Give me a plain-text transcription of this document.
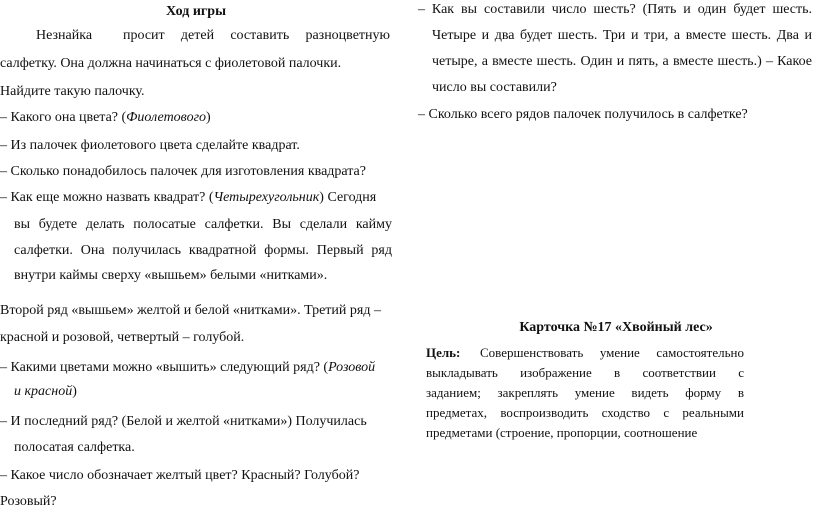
Ход игры
Незнайка просит детей составить разноцветную
салфетку. Она должна начинаться с фиолетовой палочки.
Найдите такую палочку.
– Какого она цвета? (Фиолетового)
– Из палочек фиолетового цвета сделайте квадрат.
– Сколько понадобилось палочек для изготовления квадрата?
– Как еще можно назвать квадрат? (Четырехугольник) Сегодня
вы будете делать полосатые салфетки. Вы сделали кайму
салфетки. Она получилась квадратной формы. Первый ряд
внутри каймы сверху «вышьем» белыми «нитками».
Второй ряд «вышьем» желтой и белой «нитками». Третий ряд –
красной и розовой, четвертый – голубой.
– Какими цветами можно «вышить» следующий ряд? (Розовой
и красной)
– И последний ряд? (Белой и желтой «нитками») Получилась
полосатая салфетка.
– Какое число обозначает желтый цвет? Красный? Голубой?
Розовый?
– Как вы составили число шесть? (Пять и один будет шесть.
Четыре и два будет шесть. Три и три, а вместе шесть. Два и
четыре, а вместе шесть. Один и пять, а вместе шесть.) – Какое
число вы составили?
– Сколько всего рядов палочек получилось в салфетке?
Карточка №17 «Хвойный лес»
Цель: Совершенствовать умение самостоятельно
выкладывать изображение в соответствии с
заданием; закреплять умение видеть форму в
предметах, воспроизводить сходство с реальными
предметами (строение, пропорции, соотношение
